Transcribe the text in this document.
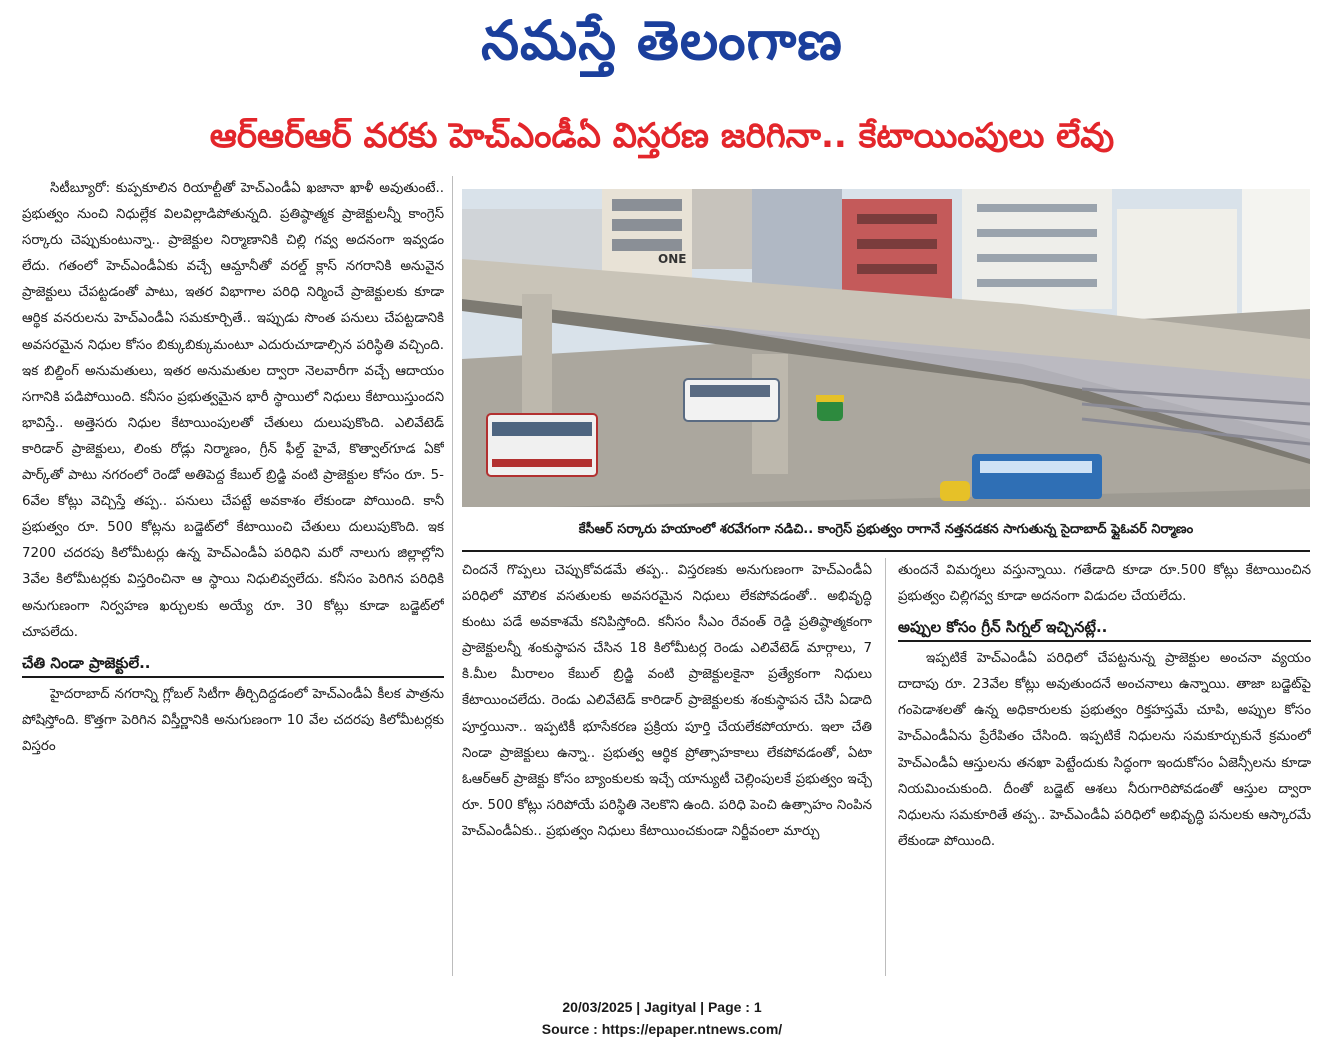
నమస్తే తెలంగాణ
ఆర్ఆర్ఆర్ వరకు హెచ్ఎండీఏ విస్తరణ జరిగినా.. కేటాయింపులు లేవు

సిటీబ్యూరో: కుప్పకూలిన రియాల్టీతో హెచ్ఎండీఏ ఖజానా ఖాళీ అవుతుంటే.. ప్రభుత్వం నుంచి నిధుల్లేక విలవిల్లాడిపోతున్నది. ప్రతిష్ఠాత్మక ప్రాజెక్టులన్నీ కాంగ్రెస్ సర్కారు చెప్పుకుంటున్నా.. ప్రాజెక్టుల నిర్మాణానికి చిల్లి గవ్వ అదనంగా ఇవ్వడం లేదు. గతంలో హెచ్ఎండీఏకు వచ్చే ఆమ్దానీతో వరల్డ్ క్లాస్ నగరానికి అనువైన ప్రాజెక్టులు చేపట్టడంతో పాటు, ఇతర విభాగాల పరిధి నిర్మించే ప్రాజెక్టులకు కూడా ఆర్థిక వనరులను హెచ్ఎండీఏ సమకూర్చితే.. ఇప్పుడు సొంత పనులు చేపట్టడానికి అవసరమైన నిధుల కోసం బిక్కుబిక్కుమంటూ ఎదురుచూడాల్సిన పరిస్థితి వచ్చింది. ఇక బిల్డింగ్ అనుమతులు, ఇతర అనుమతుల ద్వారా నెలవారీగా వచ్చే ఆదాయం సగానికి పడిపోయింది. కనీసం ప్రభుత్వమైన భారీ స్థాయిలో నిధులు కేటాయిస్తుందని భావిస్తే.. అత్తెసరు నిధుల కేటాయింపులతో చేతులు దులుపుకొంది. ఎలివేటెడ్ కారిడార్ ప్రాజెక్టులు, లింకు రోడ్లు నిర్మాణం, గ్రీన్ ఫీల్డ్ హైవే, కొత్వాల్‌గూడ ఏకో పార్క్‌తో పాటు నగరంలో రెండో అతిపెద్ద కేబుల్ బ్రిడ్జి వంటి ప్రాజెక్టుల కోసం రూ. 5-6వేల కోట్లు వెచ్చిస్తే తప్ప.. పనులు చేపట్టే అవకాశం లేకుండా పోయింది. కానీ ప్రభుత్వం రూ. 500 కోట్లను బడ్జెట్‌లో కేటాయించి చేతులు దులుపుకొంది. ఇక 7200 చదరపు కిలోమీటర్లు ఉన్న హెచ్ఎండీఏ పరిధిని మరో నాలుగు జిల్లాల్లోని 3వేల కిలోమీటర్లకు విస్తరించినా ఆ స్థాయి నిధులివ్వలేదు. కనీసం పెరిగిన పరిధికి అనుగుణంగా నిర్వహణ ఖర్చులకు అయ్యే రూ. 30 కోట్లు కూడా బడ్జెట్‌లో చూపలేదు.

చేతి నిండా ప్రాజెక్టులే..

హైదరాబాద్ నగరాన్ని గ్లోబల్ సిటీగా తీర్చిదిద్దడంలో హెచ్ఎండీఏ కీలక పాత్రను పోషిస్తోంది. కొత్తగా పెరిగిన విస్తీర్ణానికి అనుగుణంగా 10 వేల చదరపు కిలోమీటర్లకు విస్తరం

ONE
కేసీఆర్ సర్కారు హయాంలో శరవేగంగా నడిచి.. కాంగ్రెస్ ప్రభుత్వం రాగానే నత్తనడకన సాగుతున్న సైదాబాద్ ఫ్లైఓవర్ నిర్మాణం

చిందనే గొప్పలు చెప్పుకోవడమే తప్ప.. విస్తరణకు అనుగుణంగా హెచ్ఎండీఏ పరిధిలో మౌలిక వసతులకు అవసరమైన నిధులు లేకపోవడంతో.. అభివృద్ధి కుంటు పడే అవకాశమే కనిపిస్తోంది. కనీసం సీఎం రేవంత్ రెడ్డి ప్రతిష్ఠాత్మకంగా ప్రాజెక్టులన్నీ శంకుస్థాపన చేసిన 18 కిలోమీటర్ల రెండు ఎలివేటెడ్ మార్గాలు, 7 కి.మీల మీరాలం కేబుల్ బ్రిడ్జి వంటి ప్రాజెక్టులకైనా ప్రత్యేకంగా నిధులు కేటాయించలేదు. రెండు ఎలివేటెడ్ కారిడార్ ప్రాజెక్టులకు శంకుస్థాపన చేసి ఏడాది పూర్తయినా.. ఇప్పటికీ భూసేకరణ ప్రక్రియ పూర్తి చేయలేకపోయారు. ఇలా చేతి నిండా ప్రాజెక్టులు ఉన్నా.. ప్రభుత్వ ఆర్థిక ప్రోత్సాహకాలు లేకపోవడంతో, ఏటా ఓఆర్ఆర్ ప్రాజెక్టు కోసం బ్యాంకులకు ఇచ్చే యాన్యుటీ చెల్లింపులకే ప్రభుత్వం ఇచ్చే రూ. 500 కోట్లు సరిపోయే పరిస్థితి నెలకొని ఉంది. పరిధి పెంచి ఉత్సాహం నింపిన హెచ్ఎండీఏకు.. ప్రభుత్వం నిధులు కేటాయించకుండా నిర్జీవంలా మార్చు

తుందనే విమర్శలు వస్తున్నాయి. గతేడాది కూడా రూ.500 కోట్లు కేటాయించిన ప్రభుత్వం చిల్లిగవ్వ కూడా అదనంగా విడుదల చేయలేదు.

అప్పుల కోసం గ్రీన్ సిగ్నల్ ఇచ్చినట్లే..

ఇప్పటికే హెచ్ఎండీఏ పరిధిలో చేపట్టనున్న ప్రాజెక్టుల అంచనా వ్యయం దాదాపు రూ. 23వేల కోట్లు అవుతుందనే అంచనాలు ఉన్నాయి. తాజా బడ్జెట్‌పై గంపెడాశలతో ఉన్న అధికారులకు ప్రభుత్వం రిక్తహస్తమే చూపి, అప్పుల కోసం హెచ్ఎండీఏను ప్రేరేపితం చేసింది. ఇప్పటికే నిధులను సమకూర్చుకునే క్రమంలో హెచ్ఎండీఏ ఆస్తులను తనఖా పెట్టేందుకు సిద్ధంగా ఇందుకోసం ఏజెన్సీలను కూడా నియమించుకుంది. దీంతో బడ్జెట్ ఆశలు నీరుగారిపోవడంతో ఆస్తుల ద్వారా నిధులను సమకూరితే తప్ప.. హెచ్ఎండీఏ పరిధిలో అభివృద్ధి పనులకు ఆస్కారమే లేకుండా పోయింది.

20/03/2025 | Jagityal | Page : 1
Source : https://epaper.ntnews.com/
